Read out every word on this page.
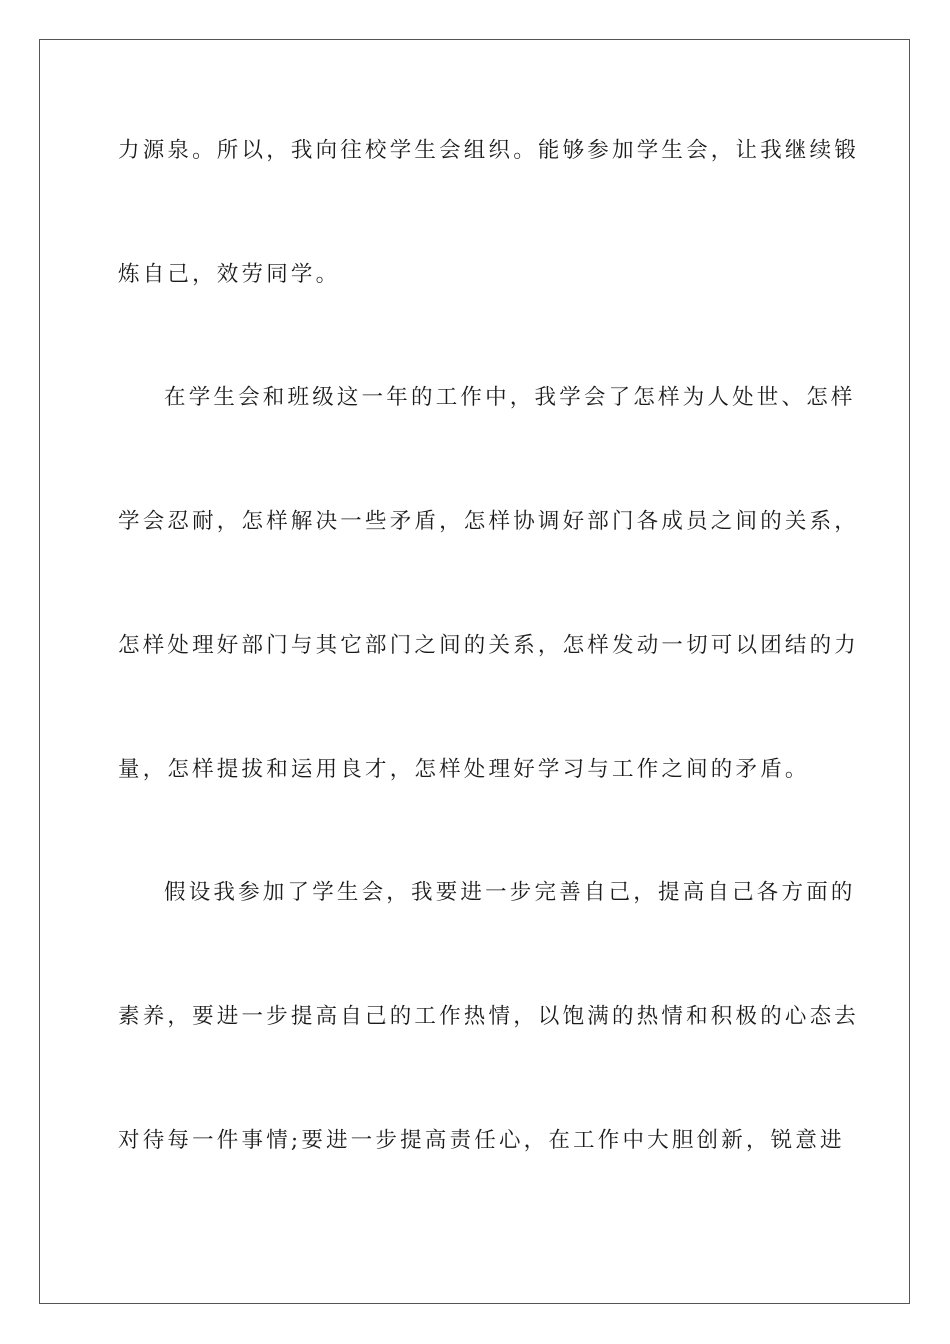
力源泉。所以，我向往校学生会组织。能够参加学生会，让我继续锻

炼自己，效劳同学。

在学生会和班级这一年的工作中，我学会了怎样为人处世、怎样

学会忍耐，怎样解决一些矛盾，怎样协调好部门各成员之间的关系，

怎样处理好部门与其它部门之间的关系，怎样发动一切可以团结的力

量，怎样提拔和运用良才，怎样处理好学习与工作之间的矛盾。

假设我参加了学生会，我要进一步完善自己，提高自己各方面的

素养，要进一步提高自己的工作热情，以饱满的热情和积极的心态去

对待每一件事情;要进一步提高责任心，在工作中大胆创新，锐意进
